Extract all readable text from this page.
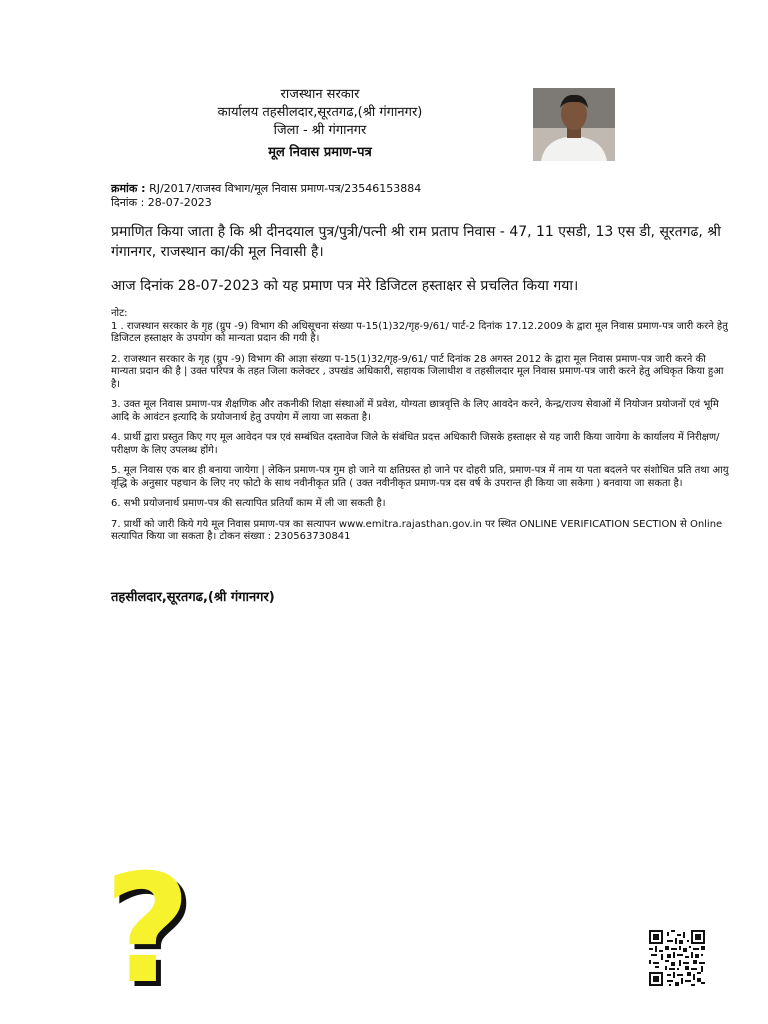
राजस्थान सरकार
कार्यालय तहसीलदार,सूरतगढ,(श्री गंगानगर)
जिला - श्री गंगानगर
मूल निवास प्रमाण-पत्र
क्रमांक : RJ/2017/राजस्व विभाग/मूल निवास प्रमाण-पत्र/23546153884
दिनांक : 28-07-2023
प्रमाणित किया जाता है कि श्री दीनदयाल पुत्र/पुत्री/पत्नी श्री राम प्रताप निवास - 47, 11 एसडी, 13 एस डी, सूरतगढ, श्री गंगानगर, राजस्थान का/की मूल निवासी है।
आज दिनांक 28-07-2023 को यह प्रमाण पत्र मेरे डिजिटल हस्ताक्षर से प्रचलित किया गया।
नोट:

1 . राजस्थान सरकार के गृह (ग्रुप -9) विभाग की अधिसूचना संख्या प-15(1)32/गृह-9/61/ पार्ट-2 दिनांक 17.12.2009 के द्वारा मूल निवास प्रमाण-पत्र जारी करने हेतु डिजिटल हस्ताक्षर के उपयोग को मान्यता प्रदान की गयी है।

2. राजस्थान सरकार के गृह (ग्रुप -9) विभाग की आज्ञा संख्या प-15(1)32/गृह-9/61/ पार्ट दिनांक 28 अगस्त 2012 के द्वारा मूल निवास प्रमाण-पत्र जारी करने की मान्यता प्रदान की है | उक्त परिपत्र के तहत जिला कलेक्टर , उपखंड अधिकारी, सहायक जिलाधीश व तहसीलदार मूल निवास प्रमाण-पत्र जारी करने हेतु अधिकृत किया हुआ है।

3. उक्त मूल निवास प्रमाण-पत्र शैक्षणिक और तकनीकी शिक्षा संस्थाओं में प्रवेश, योग्यता छात्रवृत्ति के लिए आवदेन करने, केन्द्र/राज्य सेवाओं में नियोजन प्रयोजनों एवं भूमि आदि के आवंटन इत्यादि के प्रयोजनार्थ हेतु उपयोग में लाया जा सकता है।

4. प्रार्थी द्वारा प्रस्तुत किए गए मूल आवेदन पत्र एवं सम्बंधित दस्तावेज जिले के संबंधित प्रदत्त अधिकारी जिसके हस्ताक्षर से यह जारी किया जायेगा के कार्यालय में निरीक्षण/परीक्षण के लिए उपलब्ध होंगे।

5. मूल निवास एक बार ही बनाया जायेगा | लेकिन प्रमाण-पत्र गुम हो जाने या क्षतिग्रस्त हो जाने पर दोहरी प्रति, प्रमाण-पत्र में नाम या पता बदलने पर संशोधित प्रति तथा आयु वृद्धि के अनुसार पहचान के लिए नए फोटो के साथ नवीनीकृत प्रति ( उक्त नवीनीकृत प्रमाण-पत्र दस वर्ष के उपरान्त ही किया जा सकेगा ) बनवाया जा सकता है।

6. सभी प्रयोजनार्थ प्रमाण-पत्र की सत्यापित प्रतियाँ काम में ली जा सकती है।

7. प्रार्थी को जारी किये गये मूल निवास प्रमाण-पत्र का सत्यापन www.emitra.rajasthan.gov.in पर स्थित ONLINE VERIFICATION SECTION से Online सत्यापित किया जा सकता है। टोकन संख्या : 230563730841

तहसीलदार,सूरतगढ,(श्री गंगानगर)
?
